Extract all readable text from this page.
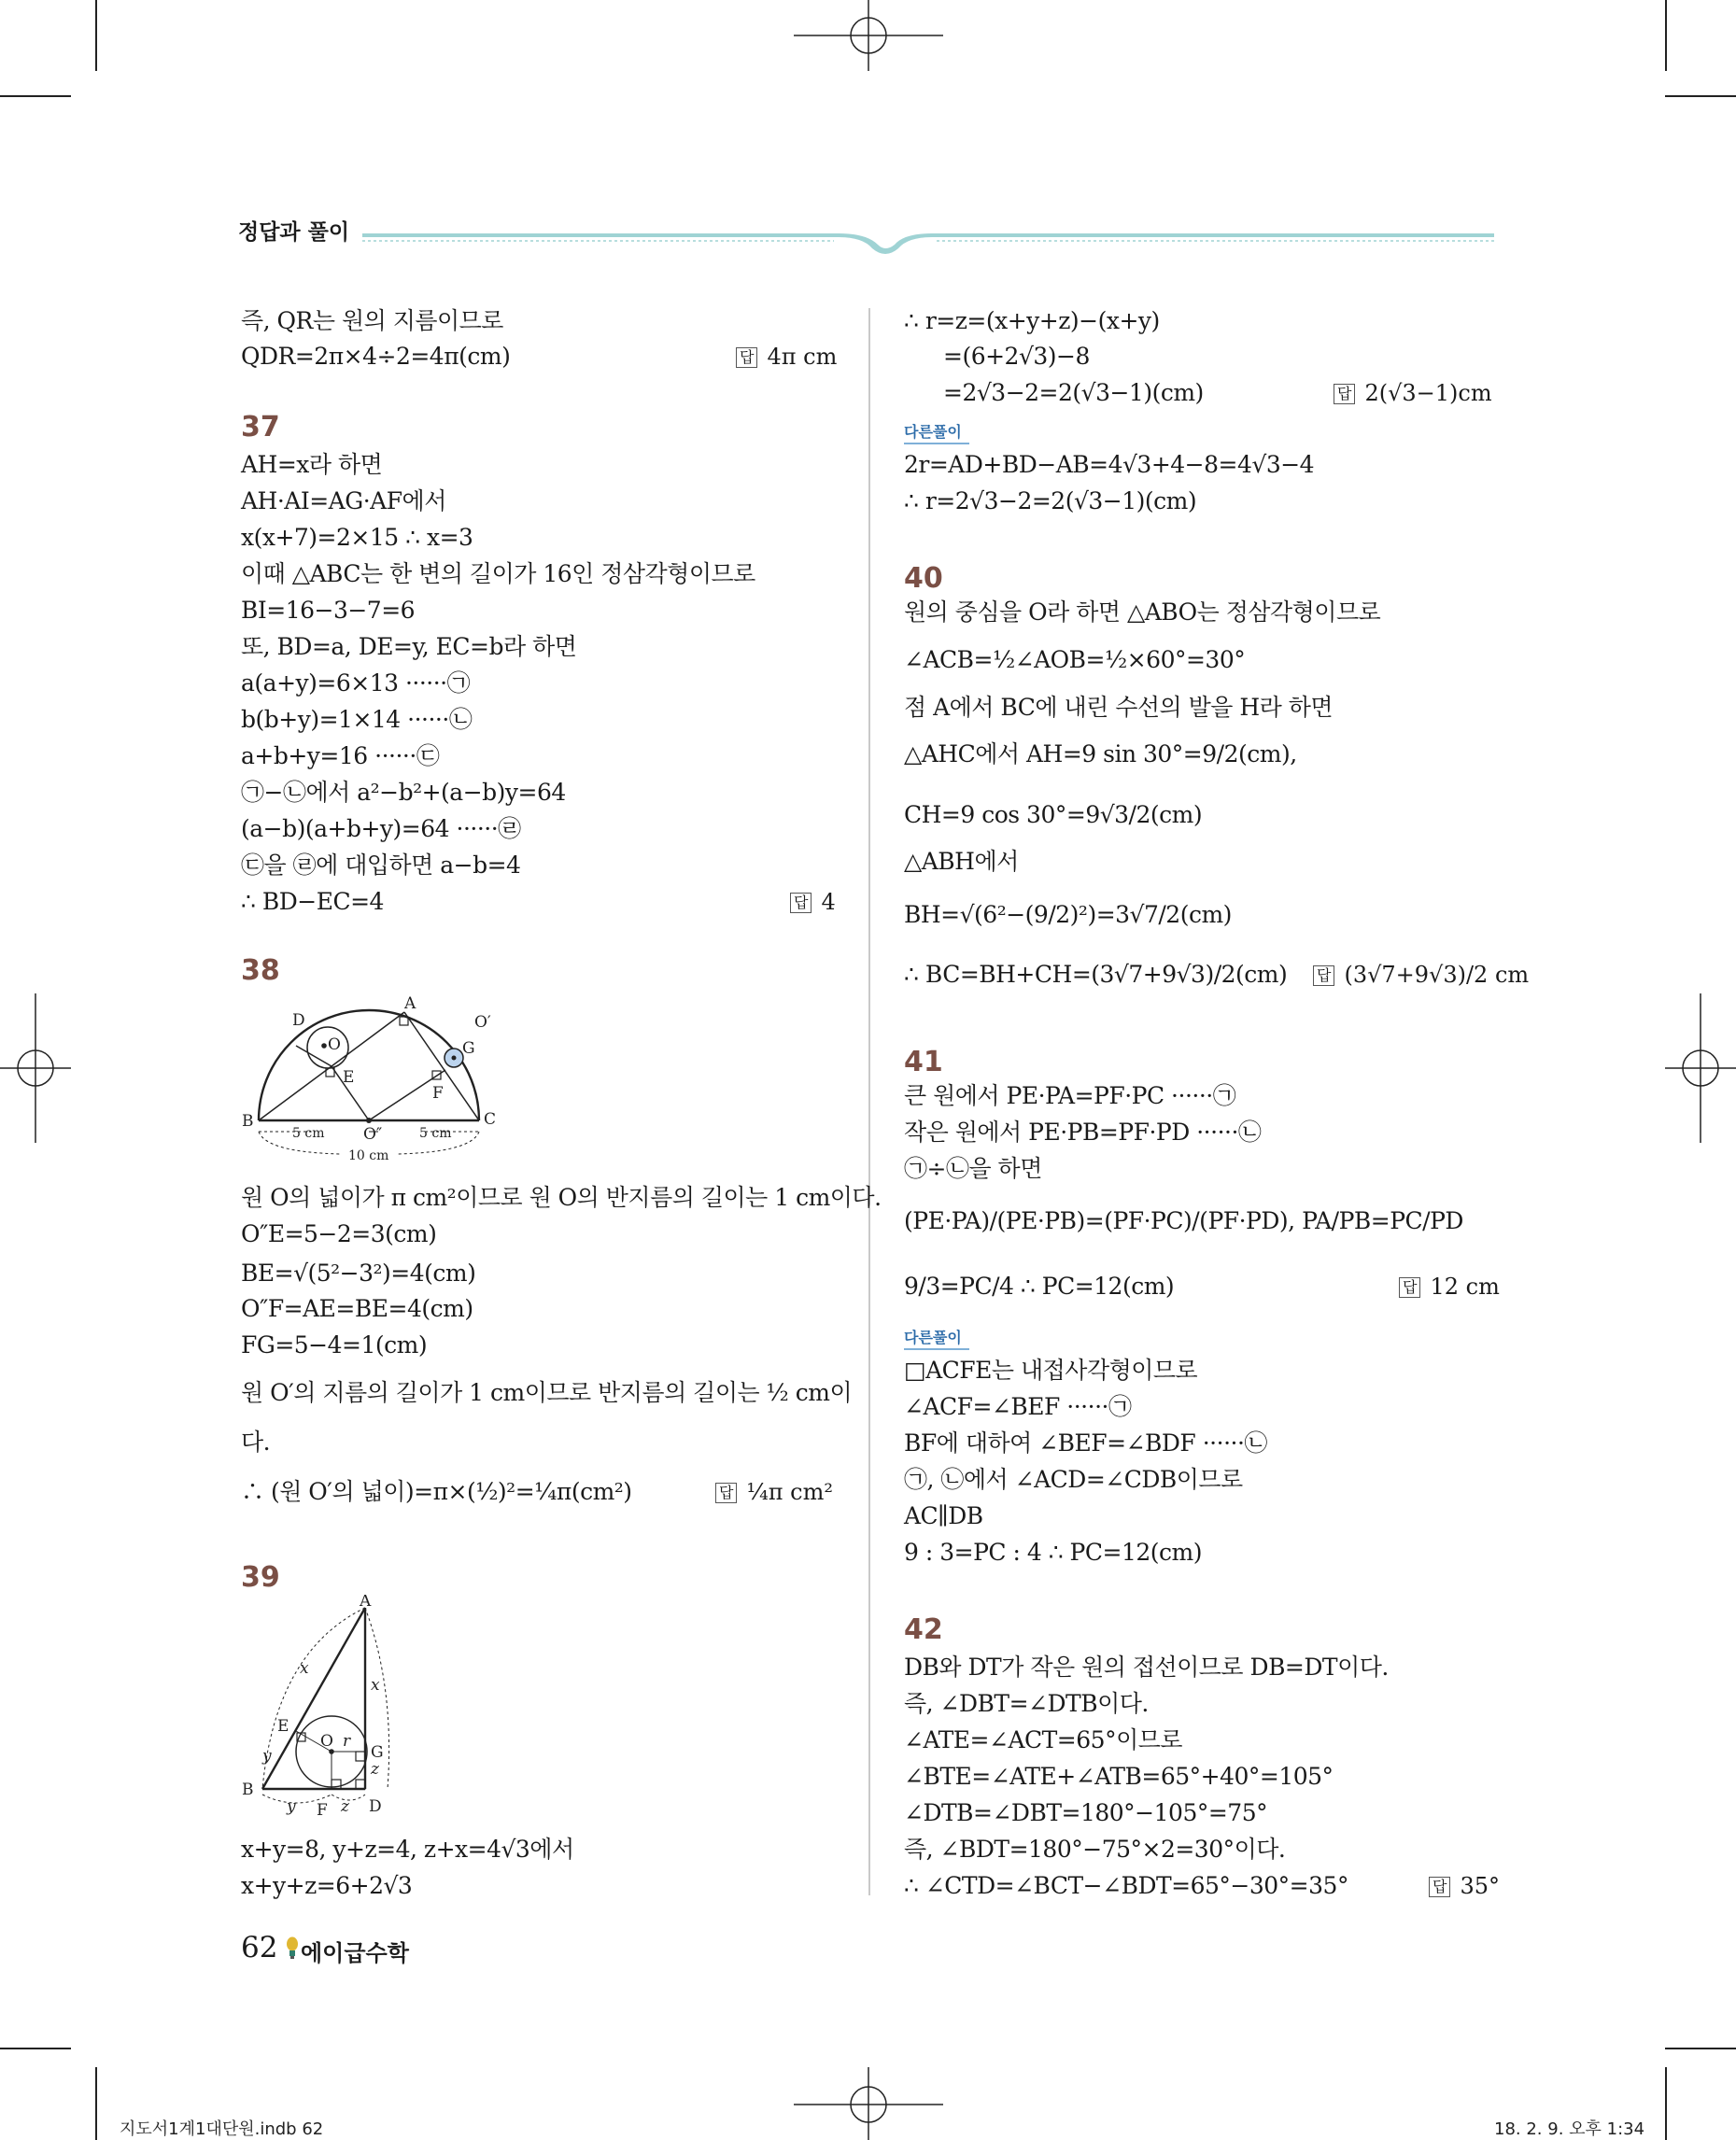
정답과 풀이
즉, QR는 원의 지름이므로
QDR=2π×4÷2=4π(cm)	답 4π cm
37
AH=x라 하면
AH·AI=AG·AF에서
x(x+7)=2×15 ∴ x=3
이때 △ABC는 한 변의 길이가 16인 정삼각형이므로
BI=16−3−7=6
또, BD=a, DE=y, EC=b라 하면
a(a+y)=6×13 ······㉠
b(b+y)=1×14 ······㉡
a+b+y=16 ······㉢
㉠−㉡에서 a²−b²+(a−b)y=64
(a−b)(a+b+y)=64 ······㉣
㉢을 ㉣에 대입하면 a−b=4
∴ BD−EC=4	답 4
38
D
A
O′
O
E
G
F
B	C
O″
5 cm	5 cm
10 cm
원 O의 넓이가 π cm²이므로 원 O의 반지름의 길이는 1 cm이다.
O″E=5−2=3(cm)
BE=√(5²−3²)=4(cm)
O″F=AE=BE=4(cm)
FG=5−4=1(cm)
원 O′의 지름의 길이가 1 cm이므로 반지름의 길이는 ½ cm이
다.
∴ (원 O′의 넓이)=π×(½)²=¼π(cm²)	답 ¼π cm²
39
A
x
x
E
O r
G
y
z
B
y F z D
x+y=8, y+z=4, z+x=4√3에서
x+y+z=6+2√3
∴ r=z=(x+y+z)−(x+y)
=(6+2√3)−8
=2√3−2=2(√3−1)(cm)	답 2(√3−1)cm
다른풀이
2r=AD+BD−AB=4√3+4−8=4√3−4
∴ r=2√3−2=2(√3−1)(cm)
40
원의 중심을 O라 하면 △ABO는 정삼각형이므로
∠ACB=½∠AOB=½×60°=30°
점 A에서 BC에 내린 수선의 발을 H라 하면
△AHC에서 AH=9 sin 30°=9/2(cm),
CH=9 cos 30°=9√3/2(cm)
△ABH에서
BH=√(6²−(9/2)²)=3√7/2(cm)
∴ BC=BH+CH=(3√7+9√3)/2(cm) 답 (3√7+9√3)/2 cm
41
큰 원에서 PE·PA=PF·PC ······㉠
작은 원에서 PE·PB=PF·PD ······㉡
㉠÷㉡을 하면
(PE·PA)/(PE·PB)=(PF·PC)/(PF·PD), PA/PB=PC/PD
9/3=PC/4 ∴ PC=12(cm)	답 12 cm
다른풀이
□ACFE는 내접사각형이므로
∠ACF=∠BEF ······㉠
BF에 대하여 ∠BEF=∠BDF ······㉡
㉠, ㉡에서 ∠ACD=∠CDB이므로
AC∥DB
9 : 3=PC : 4 ∴ PC=12(cm)
42
DB와 DT가 작은 원의 접선이므로 DB=DT이다.
즉, ∠DBT=∠DTB이다.
∠ATE=∠ACT=65°이므로
∠BTE=∠ATE+∠ATB=65°+40°=105°
∠DTB=∠DBT=180°−105°=75°
즉, ∠BDT=180°−75°×2=30°이다.
∴ ∠CTD=∠BCT−∠BDT=65°−30°=35°	답 35°
62 에이급수학
지도서1계1대단원.indb 62	18. 2. 9. 오후 1:34
